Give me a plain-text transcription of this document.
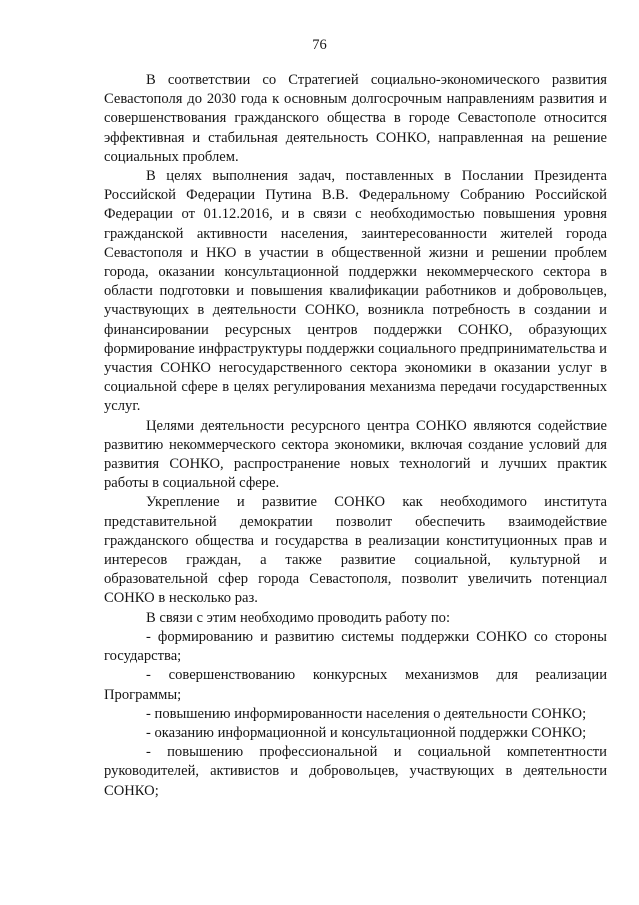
76

В соответствии со Стратегией социально-экономического развития Севастополя до 2030 года к основным долгосрочным направлениям развития и совершенствования гражданского общества в городе Севастополе относится эффективная и стабильная деятельность СОНКО, направленная на решение социальных проблем.

В целях выполнения задач, поставленных в Послании Президента Российской Федерации Путина В.В. Федеральному Собранию Российской Федерации от 01.12.2016, и в связи с необходимостью повышения уровня гражданской активности населения, заинтересованности жителей города Севастополя и НКО в участии в общественной жизни и решении проблем города, оказании консультационной поддержки некоммерческого сектора в области подготовки и повышения квалификации работников и добровольцев, участвующих в деятельности СОНКО, возникла потребность в создании и финансировании ресурсных центров поддержки СОНКО, образующих формирование инфраструктуры поддержки социального предпринимательства и участия СОНКО негосударственного сектора экономики в оказании услуг в социальной сфере в целях регулирования механизма передачи государственных услуг.

Целями деятельности ресурсного центра СОНКО являются содействие развитию некоммерческого сектора экономики, включая создание условий для развития СОНКО, распространение новых технологий и лучших практик работы в социальной сфере.

Укрепление и развитие СОНКО как необходимого института представительной демократии позволит обеспечить взаимодействие гражданского общества и государства в реализации конституционных прав и интересов граждан, а также развитие социальной, культурной и образовательной сфер города Севастополя, позволит увеличить потенциал СОНКО в несколько раз.

В связи с этим необходимо проводить работу по:

- формированию и развитию системы поддержки СОНКО со стороны государства;

- совершенствованию конкурсных механизмов для реализации Программы;

- повышению информированности населения о деятельности СОНКО;

- оказанию информационной и консультационной поддержки СОНКО;

- повышению профессиональной и социальной компетентности руководителей, активистов и добровольцев, участвующих в деятельности СОНКО;
